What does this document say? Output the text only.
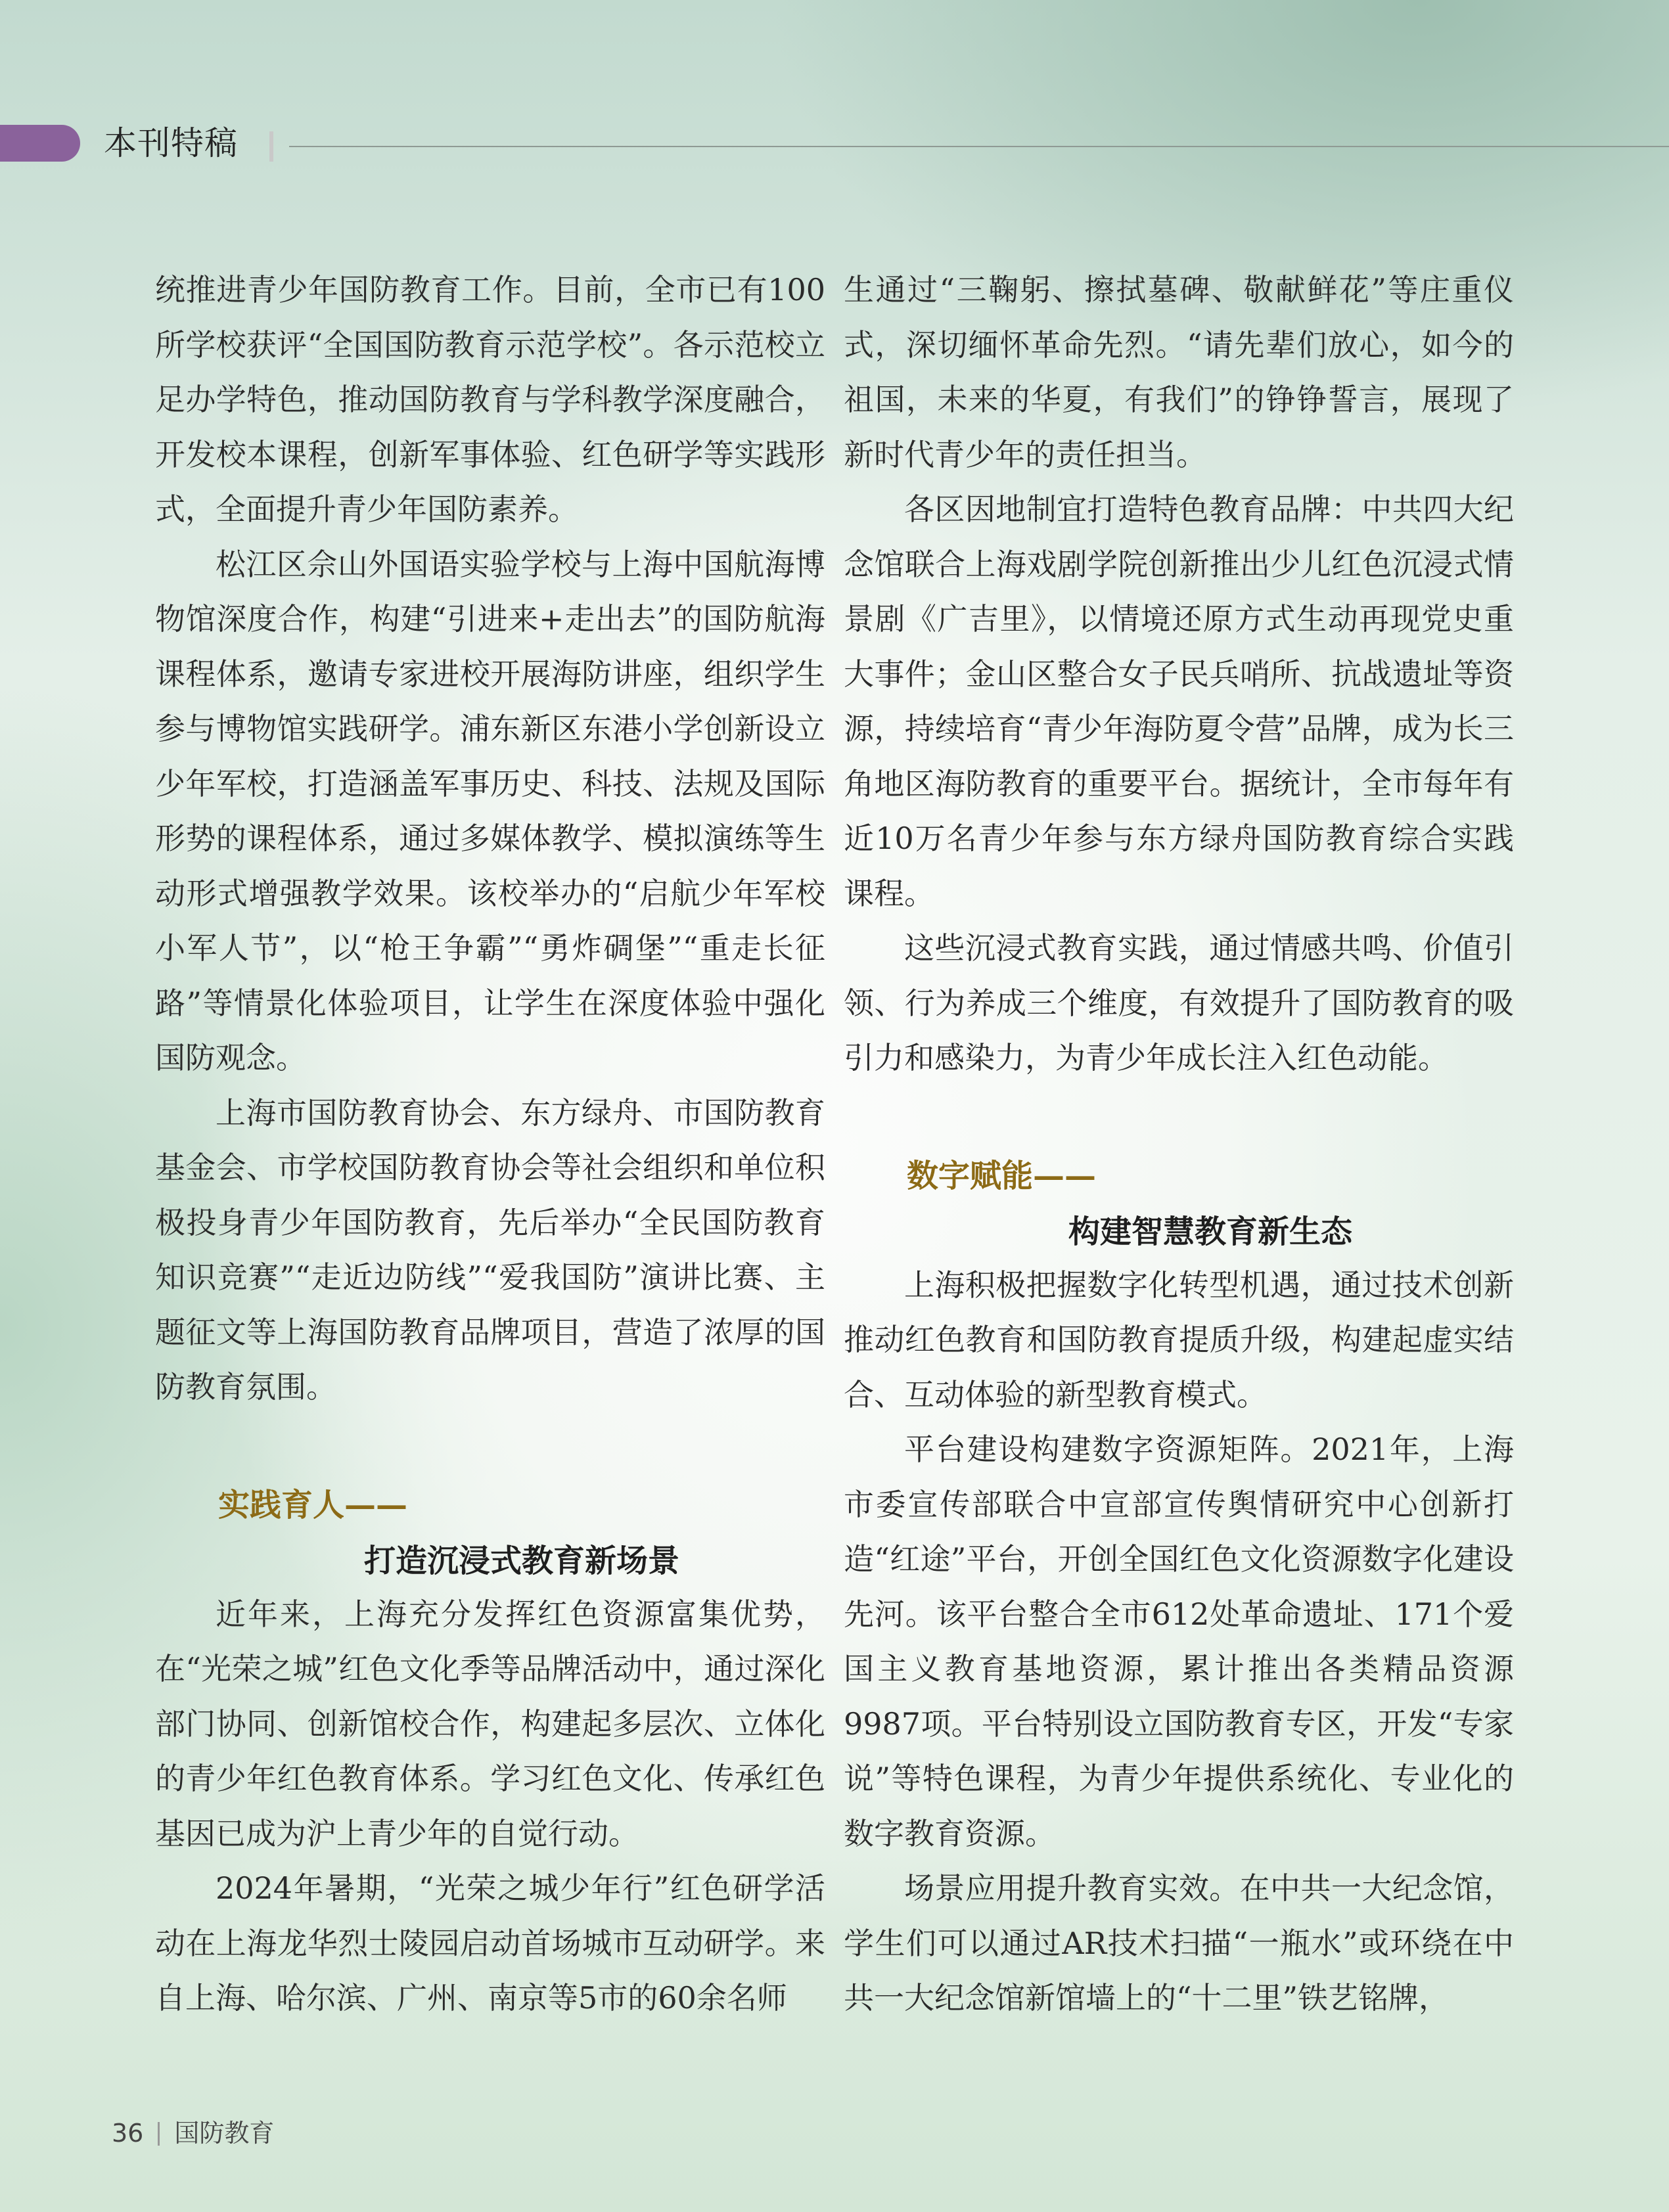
本刊特稿

统推进青少年国防教育工作。目前，全市已有100所学校获评“全国国防教育示范学校”。各示范校立足办学特色，推动国防教育与学科教学深度融合，开发校本课程，创新军事体验、红色研学等实践形式，全面提升青少年国防素养。

松江区佘山外国语实验学校与上海中国航海博物馆深度合作，构建“引进来+走出去”的国防航海课程体系，邀请专家进校开展海防讲座，组织学生参与博物馆实践研学。浦东新区东港小学创新设立少年军校，打造涵盖军事历史、科技、法规及国际形势的课程体系，通过多媒体教学、模拟演练等生动形式增强教学效果。该校举办的“启航少年军校小军人节”，以“枪王争霸”“勇炸碉堡”“重走长征路”等情景化体验项目，让学生在深度体验中强化国防观念。

上海市国防教育协会、东方绿舟、市国防教育基金会、市学校国防教育协会等社会组织和单位积极投身青少年国防教育，先后举办“全民国防教育知识竞赛”“走近边防线”“爱我国防”演讲比赛、主题征文等上海国防教育品牌项目，营造了浓厚的国防教育氛围。

实践育人——

打造沉浸式教育新场景

近年来，上海充分发挥红色资源富集优势，在“光荣之城”红色文化季等品牌活动中，通过深化部门协同、创新馆校合作，构建起多层次、立体化的青少年红色教育体系。学习红色文化、传承红色基因已成为沪上青少年的自觉行动。

2024年暑期，“光荣之城少年行”红色研学活动在上海龙华烈士陵园启动首场城市互动研学。来自上海、哈尔滨、广州、南京等5市的60余名师

生通过“三鞠躬、擦拭墓碑、敬献鲜花”等庄重仪式，深切缅怀革命先烈。“请先辈们放心，如今的祖国，未来的华夏，有我们”的铮铮誓言，展现了新时代青少年的责任担当。

各区因地制宜打造特色教育品牌：中共四大纪念馆联合上海戏剧学院创新推出少儿红色沉浸式情景剧《广吉里》，以情境还原方式生动再现党史重大事件；金山区整合女子民兵哨所、抗战遗址等资源，持续培育“青少年海防夏令营”品牌，成为长三角地区海防教育的重要平台。据统计，全市每年有近10万名青少年参与东方绿舟国防教育综合实践课程。

这些沉浸式教育实践，通过情感共鸣、价值引领、行为养成三个维度，有效提升了国防教育的吸引力和感染力，为青少年成长注入红色动能。

数字赋能——

构建智慧教育新生态

上海积极把握数字化转型机遇，通过技术创新推动红色教育和国防教育提质升级，构建起虚实结合、互动体验的新型教育模式。

平台建设构建数字资源矩阵。2021年，上海市委宣传部联合中宣部宣传舆情研究中心创新打造“红途”平台，开创全国红色文化资源数字化建设先河。该平台整合全市612处革命遗址、171个爱国主义教育基地资源，累计推出各类精品资源9987项。平台特别设立国防教育专区，开发“专家说”等特色课程，为青少年提供系统化、专业化的数字教育资源。

场景应用提升教育实效。在中共一大纪念馆，学生们可以通过AR技术扫描“一瓶水”或环绕在中共一大纪念馆新馆墙上的“十二里”铁艺铭牌，

36 国防教育
